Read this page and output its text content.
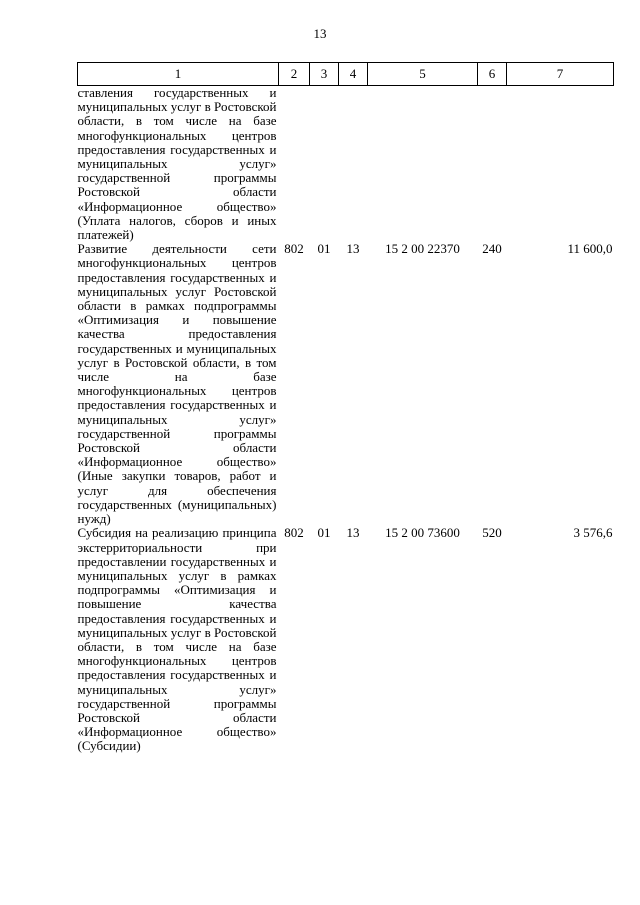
13
1	2	3	4	5	6	7
ставления государственных и муниципальных услуг в Ростовской области, в том числе на базе многофункциональных центров предоставления государственных и муниципальных услуг» государственной программы Ростовской области «Информационное общество» (Уплата налогов, сборов и иных платежей)						
Развитие деятельности сети многофункциональных центров предоставления государственных и муниципальных услуг Ростовской области в рамках подпрограммы «Оптимизация и повышение качества предоставления государственных и муниципальных услуг в Ростовской области, в том числе на базе многофункциональных центров предоставления государственных и муниципальных услуг» государственной программы Ростовской области «Информационное общество» (Иные закупки товаров, работ и услуг для обеспечения государственных (муниципальных) нужд)	802	01	13	15 2 00 22370	240	11 600,0
Субсидия на реализацию принципа экстерриториальности при предоставлении государственных и муниципальных услуг в рамках подпрограммы «Оптимизация и повышение качества предоставления государственных и муниципальных услуг в Ростовской области, в том числе на базе многофункциональных центров предоставления государственных и муниципальных услуг» государственной программы Ростовской области «Информационное общество» (Субсидии)	802	01	13	15 2 00 73600	520	3 576,6
